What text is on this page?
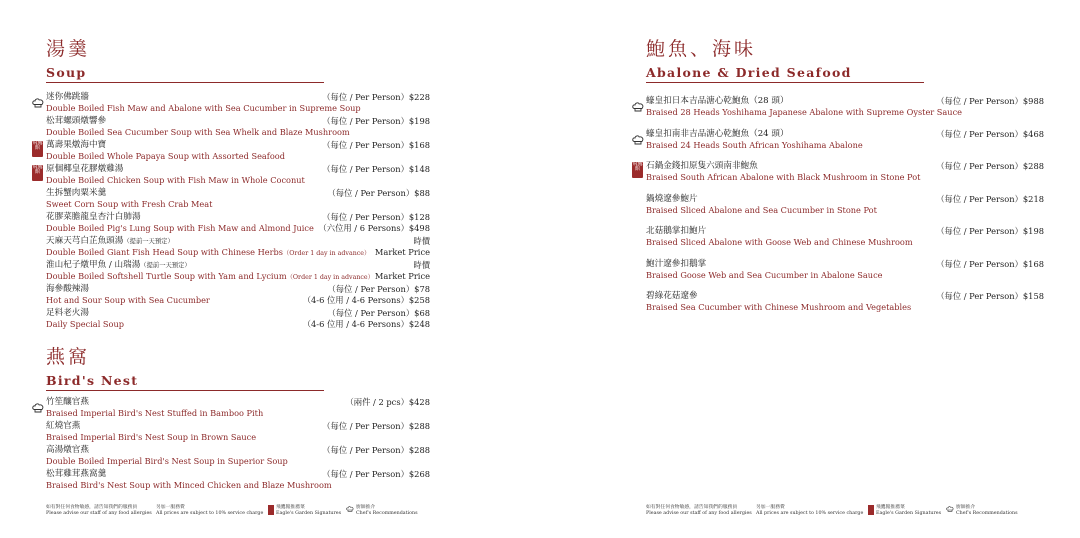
湯羹
Soup
迷你佛跳牆
Double Boiled Fish Maw and Abalone with Sea Cucumber in Supreme Soup
（每位 / Per Person）$228
松茸螺頭燉響參
Double Boiled Sea Cucumber Soup with Sea Whelk and Blaze Mushroom
（每位 / Per Person）$198
飛鷹館 萬壽果燉海中寶
Double Boiled Whole Papaya Soup with Assorted Seafood
（每位 / Per Person）$168
飛鷹館 原個椰皇花膠燉雞湯
Double Boiled Chicken Soup with Fish Maw in Whole Coconut
（每位 / Per Person）$148
生拆蟹肉粟米羹
Sweet Corn Soup with Fresh Crab Meat
（每位 / Per Person）$88
花膠菜膽龍皇杏汁白肺湯
Double Boiled Pig's Lung Soup with Fish Maw and Almond Juice
（每位 / Per Person）$128
（六位用 / 6 Persons）$498
天麻天芎白芷魚頭湯（提前一天預定）
Double Boiled Giant Fish Head Soup with Chinese Herbs（Order 1 day in advance）
時價
Market Price
淮山杞子燉甲魚 / 山瑞湯（提前一天預定）
Double Boiled Softshell Turtle Soup with Yam and Lycium（Order 1 day in advance）
時價
Market Price
海參酸辣湯
Hot and Sour Soup with Sea Cucumber
（每位 / Per Person）$78
（4-6 位用 / 4-6 Persons）$258
足料老火湯
Daily Special Soup
（每位 / Per Person）$68
（4-6 位用 / 4-6 Persons）$248
燕窩
Bird's Nest
竹笙釀官燕
Braised Imperial Bird's Nest Stuffed in Bamboo Pith
（兩件 / 2 pcs）$428
紅燒官燕
Braised Imperial Bird's Nest Soup in Brown Sauce
（每位 / Per Person）$288
高湯燉官燕
Double Boiled Imperial Bird's Nest Soup in Superior Soup
（每位 / Per Person）$288
松茸雞茸燕窩羹
Braised Bird's Nest Soup with Minced Chicken and Blaze Mushroom
（每位 / Per Person）$268
如有對任何食物敏感，請告知我們的服務員
Please advise our staff of any food allergies
另加一服務費
All prices are subject to 10% service charge
飛鷹館推薦菜
Eagle's Garden Signatures
廚師推介
Chef's Recommendations
鮑魚、海味
Abalone & Dried Seafood
蠔皇扣日本吉品溏心乾鮑魚（28 頭）
Braised 28 Heads Yoshihama Japanese Abalone with Supreme Oyster Sauce
（每位 / Per Person）$988
蠔皇扣南非吉品溏心乾鮑魚（24 頭）
Braised 24 Heads South African Yoshihama Abalone
（每位 / Per Person）$468
飛鷹館 石鍋金錢扣原隻六頭南非鮑魚
Braised South African Abalone with Black Mushroom in Stone Pot
（每位 / Per Person）$288
鍋燒遼參鮑片
Braised Sliced Abalone and Sea Cucumber in Stone Pot
（每位 / Per Person）$218
北菇鵝掌扣鮑片
Braised Sliced Abalone with Goose Web and Chinese Mushroom
（每位 / Per Person）$198
鮑汁遼參扣鵝掌
Braised Goose Web and Sea Cucumber in Abalone Sauce
（每位 / Per Person）$168
碧綠花菇遼參
Braised Sea Cucumber with Chinese Mushroom and Vegetables
（每位 / Per Person）$158
如有對任何食物敏感，請告知我們的服務員
Please advise our staff of any food allergies
另加一服務費
All prices are subject to 10% service charge
飛鷹館推薦菜
Eagle's Garden Signatures
廚師推介
Chef's Recommendations
